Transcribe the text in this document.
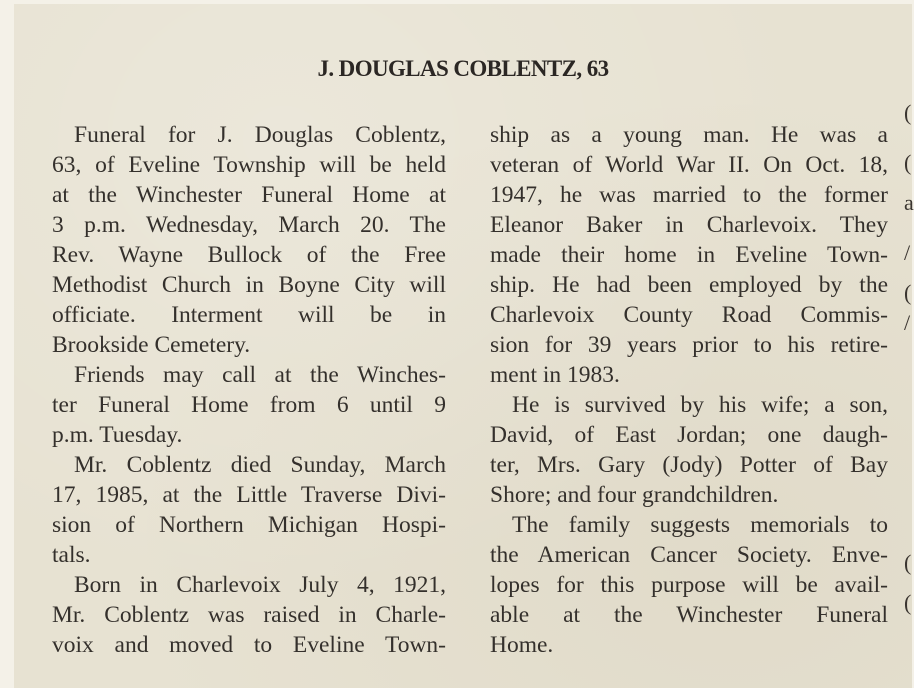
J. DOUGLAS COBLENTZ, 63
Funeral for J. Douglas Coblentz,
63, of Eveline Township will be held
at the Winchester Funeral Home at
3 p.m. Wednesday, March 20. The
Rev. Wayne Bullock of the Free
Methodist Church in Boyne City will
officiate. Interment will be in
Brookside Cemetery.
Friends may call at the Winches-
ter Funeral Home from 6 until 9
p.m. Tuesday.
Mr. Coblentz died Sunday, March
17, 1985, at the Little Traverse Divi-
sion of Northern Michigan Hospi-
tals.
Born in Charlevoix July 4, 1921,
Mr. Coblentz was raised in Charle-
voix and moved to Eveline Town-
ship as a young man. He was a
veteran of World War II. On Oct. 18,
1947, he was married to the former
Eleanor Baker in Charlevoix. They
made their home in Eveline Town-
ship. He had been employed by the
Charlevoix County Road Commis-
sion for 39 years prior to his retire-
ment in 1983.
He is survived by his wife; a son,
David, of East Jordan; one daugh-
ter, Mrs. Gary (Jody) Potter of Bay
Shore; and four grandchildren.
The family suggests memorials to
the American Cancer Society. Enve-
lopes for this purpose will be avail-
able at the Winchester Funeral
Home.
(
(
a
/
(
/
(
(
